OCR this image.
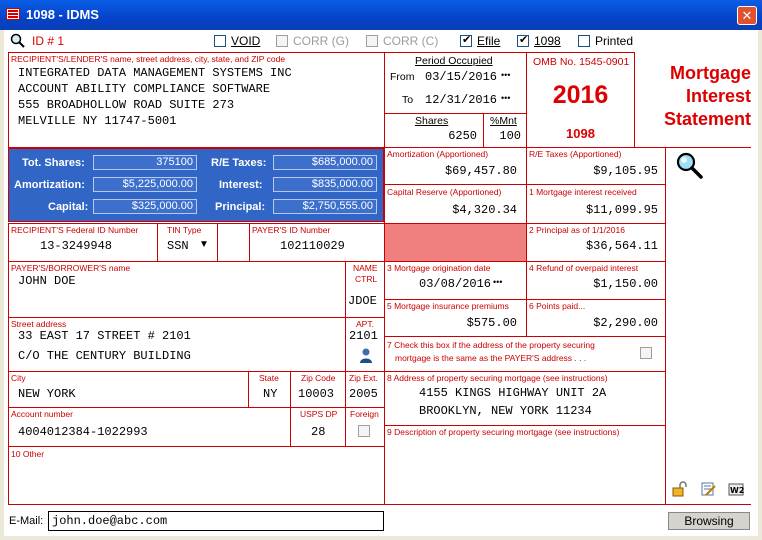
1098 - IDMS	✕
ID # 1	VOID	CORR (G)	CORR (C) ✔	Efile ✔	1098	Printed
RECIPIENT'S/LENDER'S name, street address, city, state, and ZIP code
INTEGRATED DATA MANAGEMENT SYSTEMS INC
ACCOUNT ABILITY COMPLIANCE SOFTWARE
555 BROADHOLLOW ROAD SUITE 273
MELVILLE NY 11747-5001
Period Occupied
From 03/15/2016 •••
To 12/31/2016 •••
Shares
6250
%Mnt
100
OMB No. 1545-0901
2016
1098
Mortgage
Interest
Statement
Tot. Shares:	375100
Amortization:	$5,225,000.00
Capital:	$325,000.00
R/E Taxes:	$685,000.00
Interest:	$835,000.00
Principal:	$2,750,555.00
Amortization (Apportioned)
$69,457.80
R/E Taxes (Apportioned)
$9,105.95
Capital Reserve (Apportioned)
$4,320.34
1 Mortgage interest received
$11,099.95
2 Principal as of 1/1/2016
$36,564.11
3 Mortgage origination date
03/08/2016 •••
4 Refund of overpaid interest
$1,150.00
5 Mortgage insurance premiums
$575.00
6 Points paid...
$2,290.00
7 Check this box if the address of the property securing
mortgage is the same as the PAYER'S address . . .
8 Address of property securing mortgage (see instructions)
4155 KINGS HIGHWAY UNIT 2A
BROOKLYN, NEW YORK 11234
9 Description of property securing mortgage (see instructions)
W2
RECIPIENT'S Federal ID Number
13-3249948
TIN Type
SSN ▼
PAYER'S ID Number
102110029
PAYER'S/BORROWER'S name
JOHN DOE
NAME
CTRL
JDOE
Street address
33 EAST 17 STREET # 2101
C/O THE CENTURY BUILDING
APT.
2101
City
NEW YORK
State
NY
Zip Code
10003
Zip Ext.
2005
Account number
4004012384-1022993
USPS DP
28
Foreign
10 Other
E-Mail: john.doe@abc.com	Browsing
